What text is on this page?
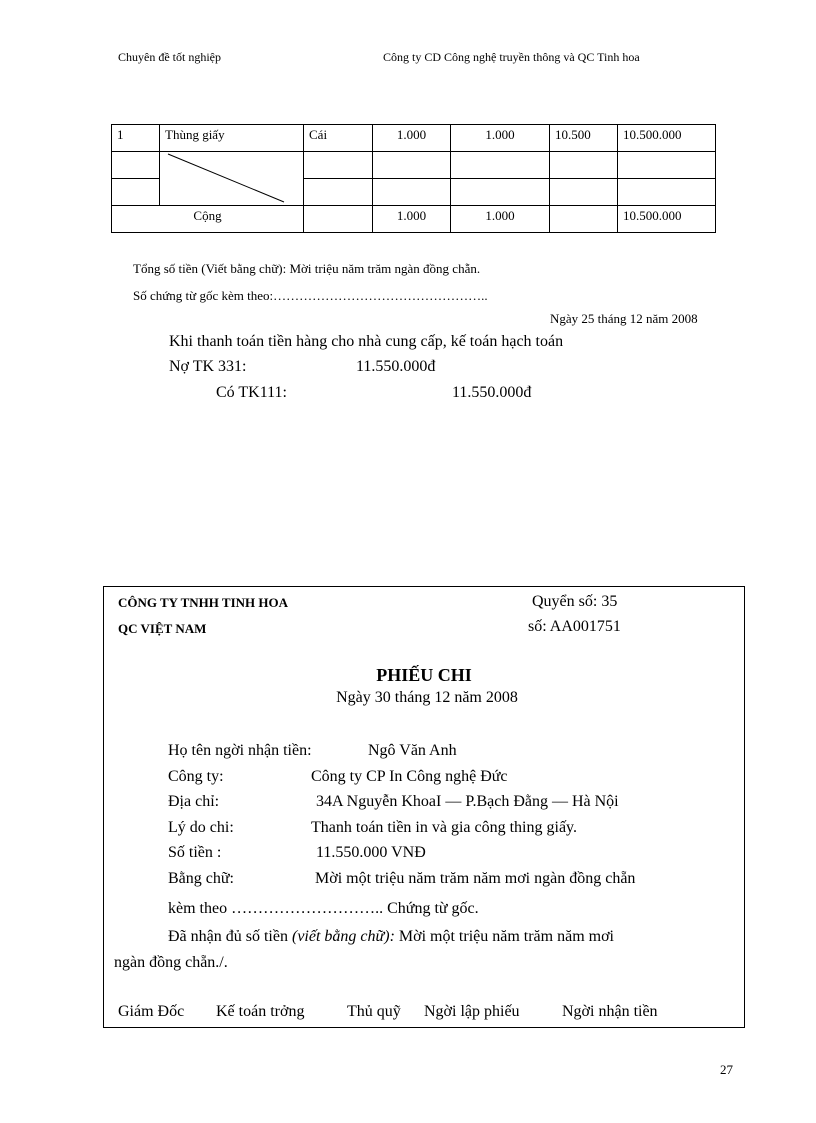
Chuyên đề tốt nghiệp	Công ty CD Công nghệ truyền thông và QC Tinh hoa
1	Thùng giấy	Cái	1.000	1.000	10.500	10.500.000

Cộng			1.000	1.000		10.500.000
Tổng số tiền (Viết bằng chữ): Mời triệu năm trăm ngàn đồng chẵn.
Số chứng từ gốc kèm theo:…………………………………………..
Ngày 25 tháng 12 năm 2008
Khi thanh toán tiền hàng cho nhà cung cấp, kế toán hạch toán
Nợ TK 331:	11.550.000đ
Có TK111:	11.550.000đ
CÔNG TY TNHH TINH HOA
QC VIỆT NAM
Quyển số: 35
số: AA001751
PHIẾU CHI
Ngày 30 tháng 12 năm 2008
Họ tên ngời nhận tiền:	Ngô Văn Anh
Công ty:	Công ty CP In Công nghệ Đức
Địa chỉ:	34A Nguyễn KhoaI — P.Bạch Đằng — Hà Nội
Lý do chi:	Thanh toán tiền in và gia công thing giấy.
Số tiền :	11.550.000 VNĐ
Bằng chữ:	Mời một triệu năm trăm năm mơi ngàn đồng chẵn
kèm theo ……………………….. Chứng từ gốc.
Đã nhận đủ số tiền (viết bằng chữ): Mời một triệu năm trăm năm mơi
ngàn đồng chẵn./.
Giám Đốc Kế toán trởng	Thủ quỹ Ngời lập phiếu	Ngời nhận tiền
27
